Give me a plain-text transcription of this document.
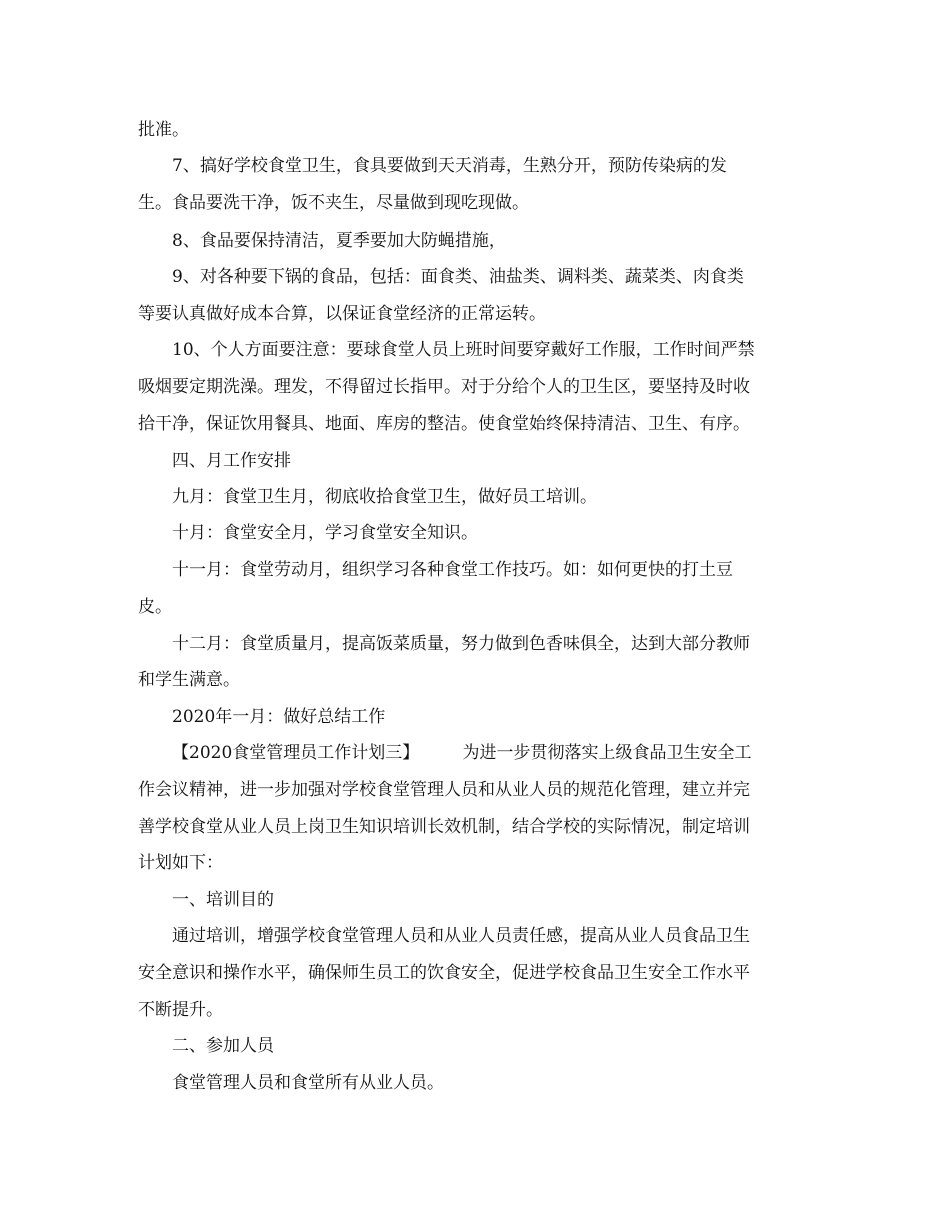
批准。
7、搞好学校食堂卫生，食具要做到天天消毒，生熟分开，预防传染病的发
生。食品要洗干净，饭不夹生，尽量做到现吃现做。
8、食品要保持清洁，夏季要加大防蝇措施，
9、对各种要下锅的食品，包括：面食类、油盐类、调料类、蔬菜类、肉食类
等要认真做好成本合算，以保证食堂经济的正常运转。
10、个人方面要注意：要球食堂人员上班时间要穿戴好工作服，工作时间严禁
吸烟要定期洗澡。理发，不得留过长指甲。对于分给个人的卫生区，要坚持及时收
拾干净，保证饮用餐具、地面、库房的整洁。使食堂始终保持清洁、卫生、有序。
四、月工作安排
九月：食堂卫生月，彻底收拾食堂卫生，做好员工培训。
十月：食堂安全月，学习食堂安全知识。
十一月：食堂劳动月，组织学习各种食堂工作技巧。如：如何更快的打土豆
皮。
十二月：食堂质量月，提高饭菜质量，努力做到色香味俱全，达到大部分教师
和学生满意。
2020年一月：做好总结工作
【2020食堂管理员工作计划三】        为进一步贯彻落实上级食品卫生安全工
作会议精神，进一步加强对学校食堂管理人员和从业人员的规范化管理，建立并完
善学校食堂从业人员上岗卫生知识培训长效机制，结合学校的实际情况，制定培训
计划如下：
一、培训目的
通过培训，增强学校食堂管理人员和从业人员责任感，提高从业人员食品卫生
安全意识和操作水平，确保师生员工的饮食安全，促进学校食品卫生安全工作水平
不断提升。
二、参加人员
食堂管理人员和食堂所有从业人员。
